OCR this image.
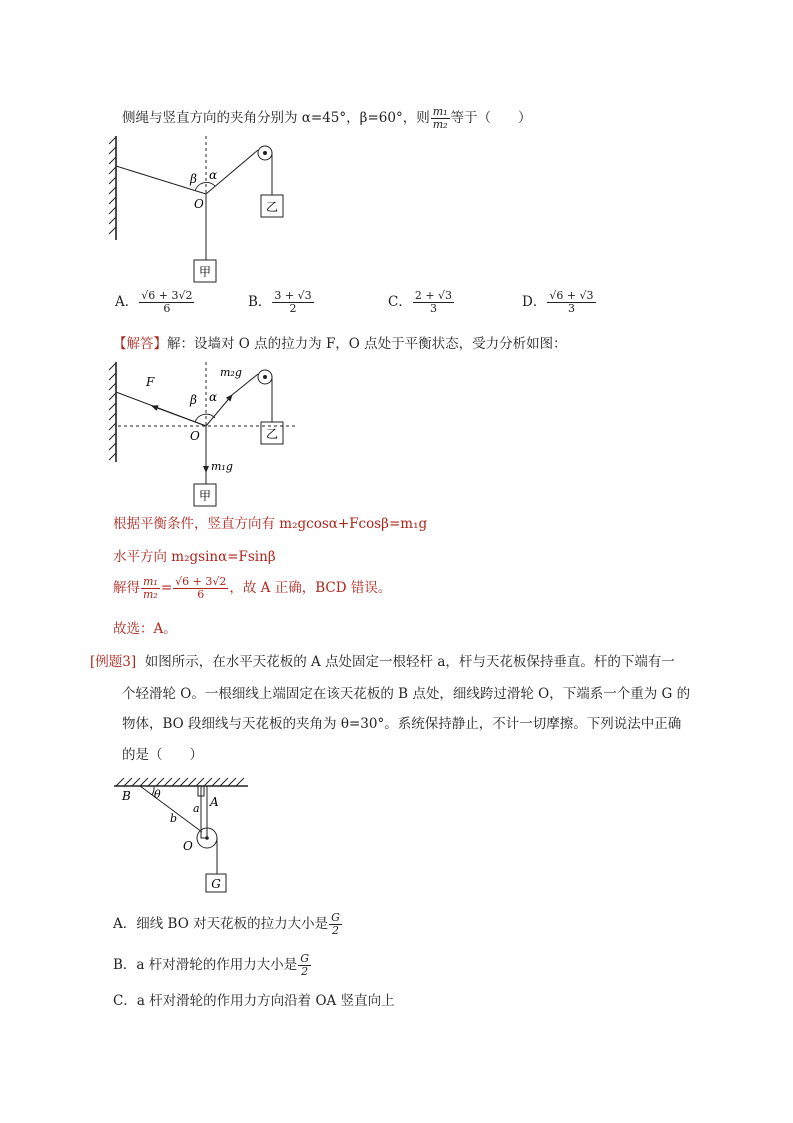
侧绳与竖直方向的夹角分别为 α=45°，β=60°，则 $\frac{\text{m₁}}{\text{m₂}}$ 等于（　　）
β α
O	乙
甲
A． $\frac{√6 + 3√2}{6}$	B． $\frac{3 + √3}{2}$	C． $\frac{2 + √3}{3}$	D． $\frac{√6 + √3}{3}$
【解答】解：设墙对 O 点的拉力为 F，O 点处于平衡状态，受力分析如图：
F
m₂g
β α
O
m₁g
乙
甲
根据平衡条件，竖直方向有 m₂gcosα+Fcosβ=m₁g
水平方向 m₂gsinα=Fsinβ
解得 $\frac{\text{m₁}}{\text{m₂}} = \frac{√6 + 3√2}{6}$ ，故 A 正确，BCD 错误。
故选：A。
[例题3] 如图所示，在水平天花板的 A 点处固定一根轻杆 a，杆与天花板保持垂直。杆的下端有一
个轻滑轮 O。一根细线上端固定在该天花板的 B 点处，细线跨过滑轮 O，下端系一个重为 G 的
物体，BO 段细线与天花板的夹角为 θ=30°。系统保持静止，不计一切摩擦。下列说法中正确
的是（　　）
B θ
A
a
b
O
G
A．细线 BO 对天花板的拉力大小是 $\frac{G}{2}$
B．a 杆对滑轮的作用力大小是 $\frac{G}{2}$
C．a 杆对滑轮的作用力方向沿着 OA 竖直向上
